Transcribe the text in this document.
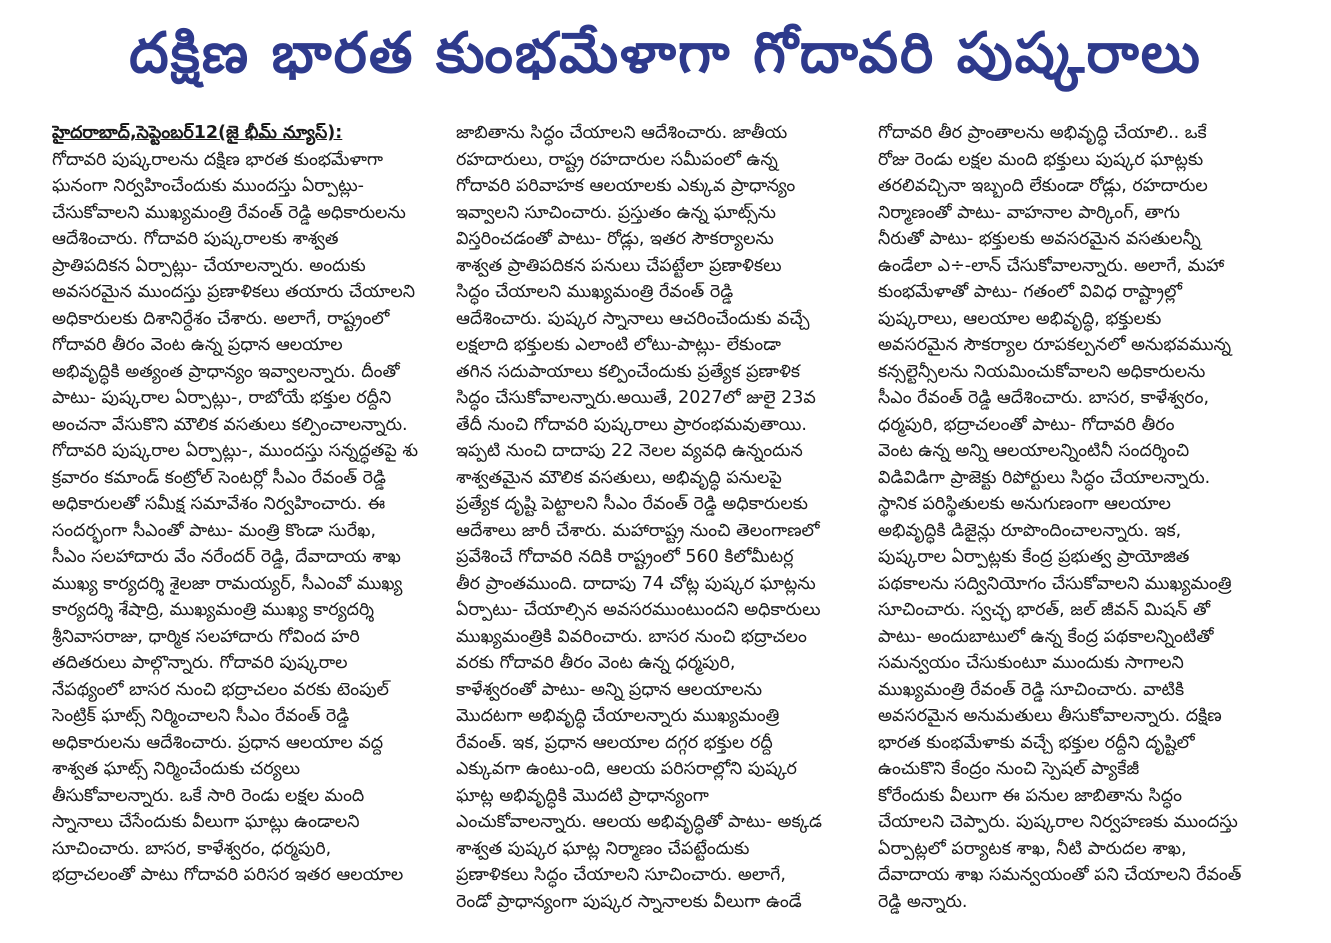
దక్షిణ భారత కుంభమేళాగా గోదావరి పుష్కరాలు
హైదరాబాద్,సెప్టెంబర్12(జై భీమ్ న్యూస్):
గోదావరి పుష్కరాలను దక్షిణ భారత కుంభమేళాగా
ఘనంగా నిర్వహించేందుకు ముందస్తు ఏర్పాట్లు-
చేసుకోవాలని ముఖ్యమంత్రి రేవంత్ రెడ్డి అధికారులను
ఆదేశించారు. గోదావరి పుష్కరాలకు శాశ్వత
ప్రాతిపదికన ఏర్పాట్లు- చేయాలన్నారు. అందుకు
అవసరమైన ముందస్తు ప్రణాళికలు తయారు చేయాలని
అధికారులకు దిశానిర్దేశం చేశారు. అలాగే, రాష్ట్రంలో
గోదావరి తీరం వెంట ఉన్న ప్రధాన ఆలయాల
అభివృద్ధికి అత్యంత ప్రాధాన్యం ఇవ్వాలన్నారు. దీంతో
పాటు- పుష్కరాల ఏర్పాట్లు-, రాబోయే భక్తుల రద్దీని
అంచనా వేసుకొని మౌలిక వసతులు కల్పించాలన్నారు.
గోదావరి పుష్కరాల ఏర్పాట్లు-, ముందస్తు సన్నద్ధతపై శు
క్రవారం కమాండ్ కంట్రోల్ సెంటర్లో సీఎం రేవంత్ రెడ్డి
అధికారులతో సమీక్ష సమావేశం నిర్వహించారు. ఈ
సందర్భంగా సీఎంతో పాటు- మంత్రి కొండా సురేఖ,
సీఎం సలహాదారు వేం నరేందర్ రెడ్డి, దేవాదాయ శాఖ
ముఖ్య కార్యదర్శి శైలజా రామయ్యర్, సీఎంవో ముఖ్య
కార్యదర్శి శేషాద్రి, ముఖ్యమంత్రి ముఖ్య కార్యదర్శి
శ్రీనివాసరాజు, ధార్మిక సలహాదారు గోవింద హరి
తదితరులు పాల్గొన్నారు. గోదావరి పుష్కరాల
నేపథ్యంలో బాసర నుంచి భద్రాచలం వరకు టెంపుల్
సెంట్రిక్ ఘాట్స్ నిర్మించాలని సీఎం రేవంత్ రెడ్డి
అధికారులను ఆదేశించారు. ప్రధాన ఆలయాల వద్ద
శాశ్వత ఘాట్స్ నిర్మించేందుకు చర్యలు
తీసుకోవాలన్నారు. ఒకే సారి రెండు లక్షల మంది
స్నానాలు చేసేందుకు వీలుగా ఘాట్లు ఉండాలని
సూచించారు. బాసర, కాళేశ్వరం, ధర్మపురి,
భద్రాచలంతో పాటు గోదావరి పరిసర ఇతర ఆలయాల
జాబితాను సిద్ధం చేయాలని ఆదేశించారు. జాతీయ
రహదారులు, రాష్ట్ర రహదారుల సమీపంలో ఉన్న
గోదావరి పరివాహక ఆలయాలకు ఎక్కువ ప్రాధాన్యం
ఇవ్వాలని సూచించారు. ప్రస్తుతం ఉన్న ఘాట్స్‌ను
విస్తరించడంతో పాటు- రోడ్లు, ఇతర సౌకర్యాలను
శాశ్వత ప్రాతిపదికన పనులు చేపట్టేలా ప్రణాళికలు
సిద్ధం చేయాలని ముఖ్యమంత్రి రేవంత్ రెడ్డి
ఆదేశించారు. పుష్కర స్నానాలు ఆచరించేందుకు వచ్చే
లక్షలాది భక్తులకు ఎలాంటి లోటు-పాట్లు- లేకుండా
తగిన సదుపాయాలు కల్పించేందుకు ప్రత్యేక ప్రణాళిక
సిద్ధం చేసుకోవాలన్నారు.అయితే, 2027లో జులై 23వ
తేదీ నుంచి గోదావరి పుష్కరాలు ప్రారంభమవుతాయి.
ఇప్పటి నుంచి దాదాపు 22 నెలల వ్యవధి ఉన్నందున
శాశ్వతమైన మౌలిక వసతులు, అభివృద్ధి పనులపై
ప్రత్యేక దృష్టి పెట్టాలని సీఎం రేవంత్ రెడ్డి అధికారులకు
ఆదేశాలు జారీ చేశారు. మహారాష్ట్ర నుంచి తెలంగాణలో
ప్రవేశించే గోదావరి నదికి రాష్ట్రంలో 560 కిలోమీటర్ల
తీర ప్రాంతముంది. దాదాపు 74 చోట్ల పుష్కర ఘాట్లను
ఏర్పాటు- చేయాల్సిన అవసరముంటుందని అధికారులు
ముఖ్యమంత్రికి వివరించారు. బాసర నుంచి భద్రాచలం
వరకు గోదావరి తీరం వెంట ఉన్న ధర్మపురి,
కాళేశ్వరంతో పాటు- అన్ని ప్రధాన ఆలయాలను
మొదటగా అభివృద్ధి చేయాలన్నారు ముఖ్యమంత్రి
రేవంత్. ఇక, ప్రధాన ఆలయాల దగ్గర భక్తుల రద్దీ
ఎక్కువగా ఉంటు-ంది, ఆలయ పరిసరాల్లోని పుష్కర
ఘాట్ల అభివృద్ధికి మొదటి ప్రాధాన్యంగా
ఎంచుకోవాలన్నారు. ఆలయ అభివృద్ధితో పాటు- అక్కడ
శాశ్వత పుష్కర ఘాట్ల నిర్మాణం చేపట్టేందుకు
ప్రణాళికలు సిద్ధం చేయాలని సూచించారు. అలాగే,
రెండో ప్రాధాన్యంగా పుష్కర స్నానాలకు వీలుగా ఉండే
గోదావరి తీర ప్రాంతాలను అభివృద్ధి చేయాలి.. ఒకే
రోజు రెండు లక్షల మంది భక్తులు పుష్కర ఘాట్లకు
తరలివచ్చినా ఇబ్బంది లేకుండా రోడ్లు, రహదారుల
నిర్మాణంతో పాటు- వాహనాల పార్కింగ్, తాగు
నీరుతో పాటు- భక్తులకు అవసరమైన వసతులన్నీ
ఉండేలా ఎ÷-లాన్ చేసుకోవాలన్నారు. అలాగే, మహా
కుంభమేళాతో పాటు- గతంలో వివిధ రాష్ట్రాల్లో
పుష్కరాలు, ఆలయాల అభివృద్ధి, భక్తులకు
అవసరమైన సౌకర్యాల రూపకల్పనలో అనుభవమున్న
కన్సల్టెన్సీలను నియమించుకోవాలని అధికారులను
సీఎం రేవంత్ రెడ్డి ఆదేశించారు. బాసర, కాళేశ్వరం,
ధర్మపురి, భద్రాచలంతో పాటు- గోదావరి తీరం
వెంట ఉన్న అన్ని ఆలయాలన్నింటినీ సందర్శించి
విడివిడిగా ప్రాజెక్టు రిపోర్టులు సిద్ధం చేయాలన్నారు.
స్థానిక పరిస్థితులకు అనుగుణంగా ఆలయాల
అభివృద్ధికి డిజైన్లు రూపొందించాలన్నారు. ఇక,
పుష్కరాల ఏర్పాట్లకు కేంద్ర ప్రభుత్వ ప్రాయోజిత
పథకాలను సద్వినియోగం చేసుకోవాలని ముఖ్యమంత్రి
సూచించారు. స్వచ్ఛ భారత్, జల్ జీవన్ మిషన్ తో
పాటు- అందుబాటులో ఉన్న కేంద్ర పథకాలన్నింటితో
సమన్వయం చేసుకుంటూ ముందుకు సాగాలని
ముఖ్యమంత్రి రేవంత్ రెడ్డి సూచించారు. వాటికి
అవసరమైన అనుమతులు తీసుకోవాలన్నారు. దక్షిణ
భారత కుంభమేళాకు వచ్చే భక్తుల రద్దీని దృష్టిలో
ఉంచుకొని కేంద్రం నుంచి స్పెషల్ ప్యాకేజీ
కోరేందుకు వీలుగా ఈ పనుల జాబితాను సిద్ధం
చేయాలని చెప్పారు. పుష్కరాల నిర్వహణకు ముందస్తు
ఏర్పాట్లలో పర్యాటక శాఖ, నీటి పారుదల శాఖ,
దేవాదాయ శాఖ సమన్వయంతో పని చేయాలని రేవంత్
రెడ్డి అన్నారు.
